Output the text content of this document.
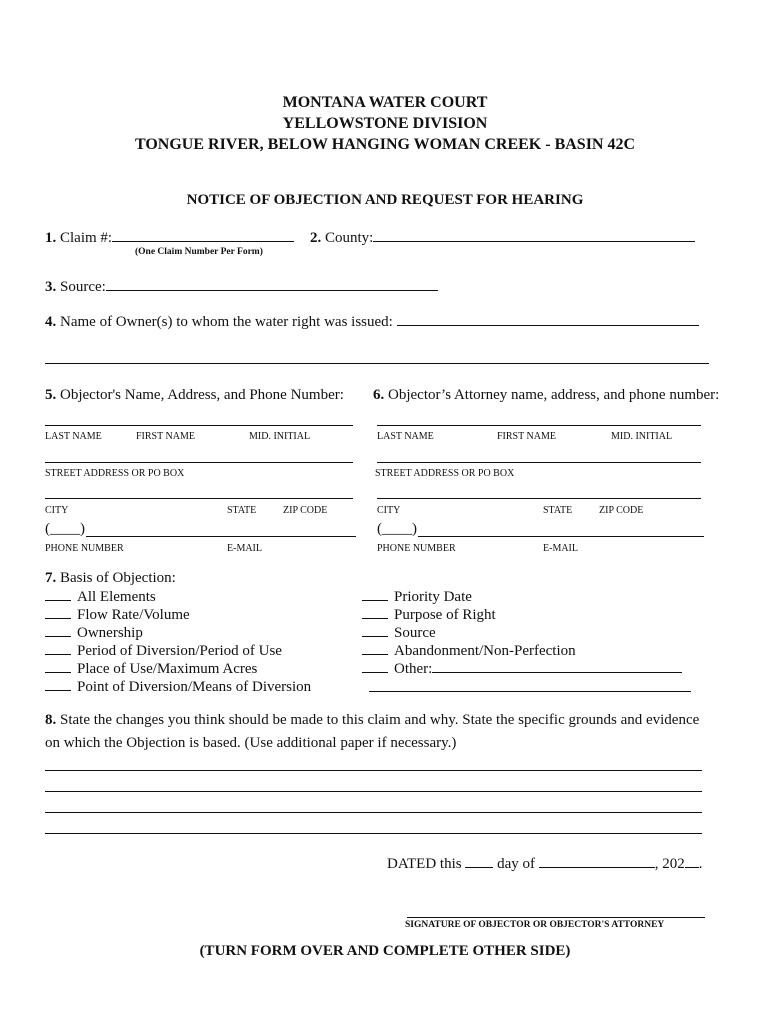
MONTANA WATER COURT
YELLOWSTONE DIVISION
TONGUE RIVER, BELOW HANGING WOMAN CREEK - BASIN 42C
NOTICE OF OBJECTION AND REQUEST FOR HEARING
1. Claim #:	2. County:
(One Claim Number Per Form)
3. Source:
4. Name of Owner(s) to whom the water right was issued:
5. Objector's Name, Address, and Phone Number: 6. Objector’s Attorney name, address, and phone number:
LAST NAME	FIRST NAME	MID. INITIAL
STREET ADDRESS OR PO BOX
CITY	STATE	ZIP CODE
(____)
PHONE NUMBER	E-MAIL
LAST NAME	FIRST NAME	MID. INITIAL
STREET ADDRESS OR PO BOX
CITY	STATE	ZIP CODE
(____)
PHONE NUMBER	E-MAIL
7. Basis of Objection:
All Elements
Flow Rate/Volume
Ownership
Period of Diversion/Period of Use
Place of Use/Maximum Acres
Point of Diversion/Means of Diversion
Priority Date
Purpose of Right
Source
Abandonment/Non-Perfection
Other:
8. State the changes you think should be made to this claim and why. State the specific grounds and evidence
on which the Objection is based. (Use additional paper if necessary.)
DATED this day of	, 202 .
SIGNATURE OF OBJECTOR OR OBJECTOR'S ATTORNEY
(TURN FORM OVER AND COMPLETE OTHER SIDE)
